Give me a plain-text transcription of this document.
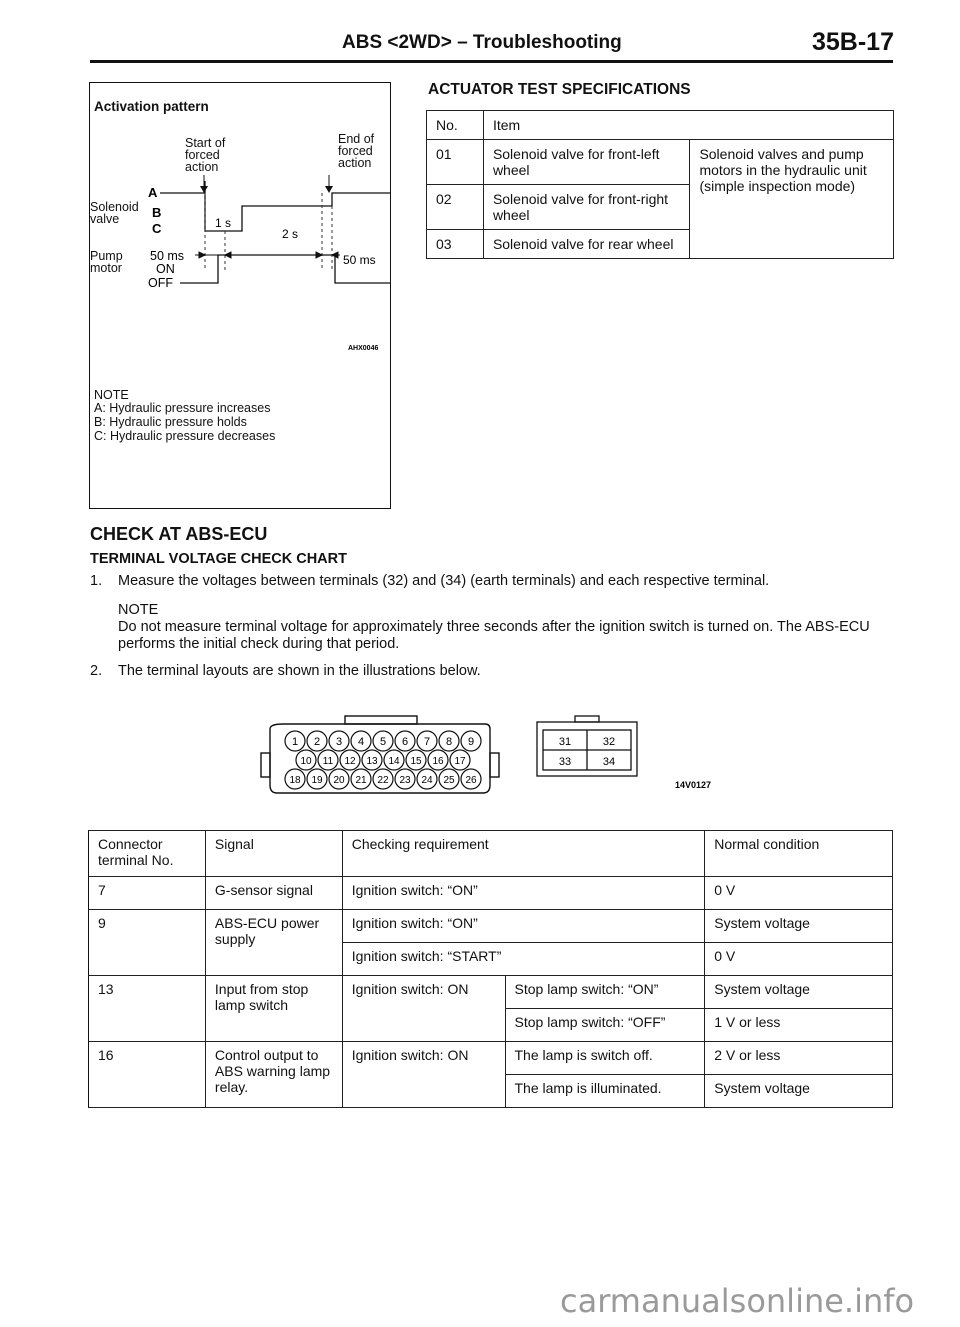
ABS <2WD> – Troubleshooting	35B-17
Activation pattern
Start of forced action
End of forced action
Solenoid valve
Pump motor
A
B
C
50 ms
ON
OFF
1 s
2 s
50 ms
AHX0046
NOTE
A: Hydraulic pressure increases
B: Hydraulic pressure holds
C: Hydraulic pressure decreases
ACTUATOR TEST SPECIFICATIONS
No.	Item	
01	Solenoid valve for front-left wheel	Solenoid valves and pump motors in the hydraulic unit (simple inspection mode)
02	Solenoid valve for front-right wheel	
03	Solenoid valve for rear wheel	
CHECK AT ABS-ECU
TERMINAL VOLTAGE CHECK CHART
1. Measure the voltages between terminals (32) and (34) (earth terminals) and each respective terminal.
NOTE
Do not measure terminal voltage for approximately three seconds after the ignition switch is turned on. The ABS-ECU performs the initial check during that period.
2. The terminal layouts are shown in the illustrations below.
1 2 3 4 5 6 7 8 9
10 11 12 13 14 15 16 17
18 19 20 21 22 23 24 25 26
31	32
33	34
14V0127
Connector terminal No.	Signal	Checking requirement		Normal condition
7	G-sensor signal	Ignition switch: “ON”		0 V
9	ABS-ECU power supply	Ignition switch: “ON”		System voltage
		Ignition switch: “START”		0 V
13	Input from stop lamp switch	Ignition switch: ON	Stop lamp switch: “ON”	System voltage
			Stop lamp switch: “OFF”	1 V or less
16	Control output to ABS warning lamp relay.	Ignition switch: ON	The lamp is switch off.	2 V or less
			The lamp is illuminated.	System voltage
carmanualsonline.info
